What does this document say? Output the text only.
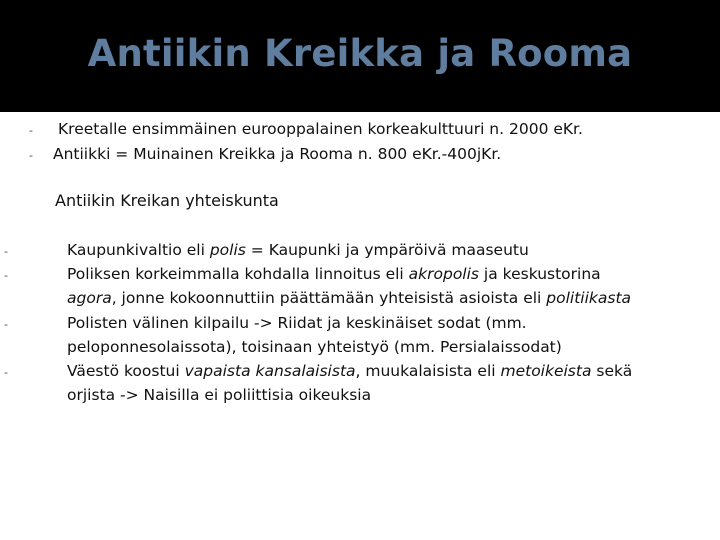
Antiikin Kreikka ja Rooma
- Kreetalle ensimmäinen eurooppalainen korkeakulttuuri n. 2000 eKr.
- Antiikki = Muinainen Kreikka ja Rooma n. 800 eKr.-400jKr.
Antiikin Kreikan yhteiskunta
-	Kaupunkivaltio eli polis = Kaupunki ja ympäröivä maaseutu
-	Poliksen korkeimmalla kohdalla linnoitus eli akropolis ja keskustorina
agora, jonne kokoonnuttiin päättämään yhteisistä asioista eli politiikasta
-	Polisten välinen kilpailu -> Riidat ja keskinäiset sodat (mm.
peloponnesolaissota), toisinaan yhteistyö (mm. Persialaissodat)
-	Väestö koostui vapaista kansalaisista, muukalaisista eli metoikeista sekä
orjista -> Naisilla ei poliittisia oikeuksia
